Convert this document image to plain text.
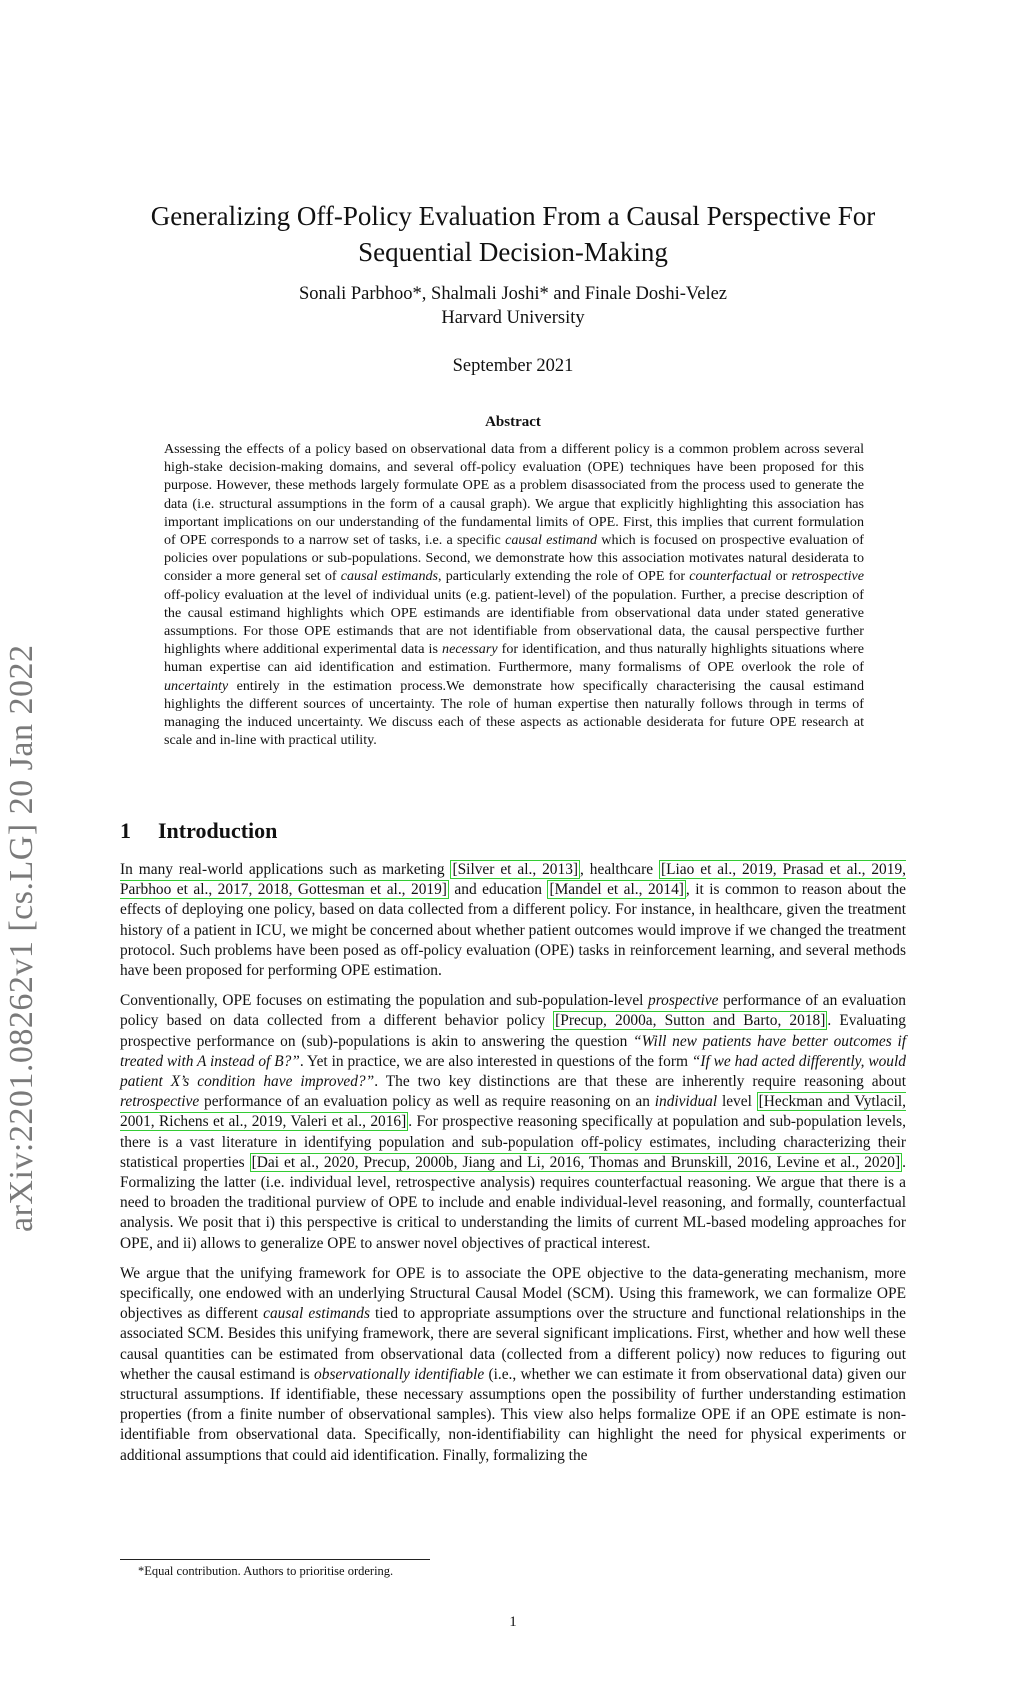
arXiv:2201.08262v1 [cs.LG] 20 Jan 2022
Generalizing Off-Policy Evaluation From a Causal Perspective For Sequential Decision-Making
Sonali Parbhoo*, Shalmali Joshi* and Finale Doshi-Velez
Harvard University
September 2021
Abstract
Assessing the effects of a policy based on observational data from a different policy is a common problem across several high-stake decision-making domains, and several off-policy evaluation (OPE) techniques have been proposed for this purpose. However, these methods largely formulate OPE as a problem disassociated from the process used to generate the data (i.e. structural assumptions in the form of a causal graph). We argue that explicitly highlighting this association has important implications on our understanding of the fundamental limits of OPE. First, this implies that current formulation of OPE corresponds to a narrow set of tasks, i.e. a specific causal estimand which is focused on prospective evaluation of policies over populations or sub-populations. Second, we demonstrate how this association motivates natural desiderata to consider a more general set of causal estimands, particularly extending the role of OPE for counterfactual or retrospective off-policy evaluation at the level of individual units (e.g. patient-level) of the population. Further, a precise description of the causal estimand highlights which OPE estimands are identifiable from observational data under stated generative assumptions. For those OPE estimands that are not identifiable from observational data, the causal perspective further highlights where additional experimental data is necessary for identification, and thus naturally highlights situations where human expertise can aid identification and estimation. Furthermore, many formalisms of OPE overlook the role of uncertainty entirely in the estimation process.We demonstrate how specifically characterising the causal estimand highlights the different sources of uncertainty. The role of human expertise then naturally follows through in terms of managing the induced uncertainty. We discuss each of these aspects as actionable desiderata for future OPE research at scale and in-line with practical utility.
1 Introduction

In many real-world applications such as marketing [Silver et al., 2013] , healthcare [Liao et al., 2019, Prasad et al., 2019, Parbhoo et al., 2017, 2018, Gottesman et al., 2019] and education [Mandel et al., 2014] , it is common to reason about the effects of deploying one policy, based on data collected from a different policy. For instance, in healthcare, given the treatment history of a patient in ICU, we might be concerned about whether patient outcomes would improve if we changed the treatment protocol. Such problems have been posed as off-policy evaluation (OPE) tasks in reinforcement learning, and several methods have been proposed for performing OPE estimation.

Conventionally, OPE focuses on estimating the population and sub-population-level prospective performance of an evaluation policy based on data collected from a different behavior policy [Precup, 2000a, Sutton and Barto, 2018] . Evaluating prospective performance on (sub)-populations is akin to answering the question “Will new patients have better outcomes if treated with A instead of B?”. Yet in practice, we are also interested in questions of the form “If we had acted differently, would patient X’s condition have improved?”. The two key distinctions are that these are inherently require reasoning about retrospective performance of an evaluation policy as well as require reasoning on an individual level [Heckman and Vytlacil, 2001, Richens et al., 2019, Valeri et al., 2016] . For prospective reasoning specifically at population and sub-population levels, there is a vast literature in identifying population and sub-population off-policy estimates, including characterizing their statistical properties [Dai et al., 2020, Precup, 2000b, Jiang and Li, 2016, Thomas and Brunskill, 2016, Levine et al., 2020] . Formalizing the latter (i.e. individual level, retrospective analysis) requires counterfactual reasoning. We argue that there is a need to broaden the traditional purview of OPE to include and enable individual-level reasoning, and formally, counterfactual analysis. We posit that i) this perspective is critical to understanding the limits of current ML-based modeling approaches for OPE, and ii) allows to generalize OPE to answer novel objectives of practical interest.

We argue that the unifying framework for OPE is to associate the OPE objective to the data-generating mechanism, more specifically, one endowed with an underlying Structural Causal Model (SCM). Using this framework, we can formalize OPE objectives as different causal estimands tied to appropriate assumptions over the structure and functional relationships in the associated SCM. Besides this unifying framework, there are several significant implications. First, whether and how well these causal quantities can be estimated from observational data (collected from a different policy) now reduces to figuring out whether the causal estimand is observationally identifiable (i.e., whether we can estimate it from observational data) given our structural assumptions. If identifiable, these necessary assumptions open the possibility of further understanding estimation properties (from a finite number of observational samples). This view also helps formalize OPE if an OPE estimate is non-identifiable from observational data. Specifically, non-identifiability can highlight the need for physical experiments or additional assumptions that could aid identification. Finally, formalizing the

*Equal contribution. Authors to prioritise ordering.
1
